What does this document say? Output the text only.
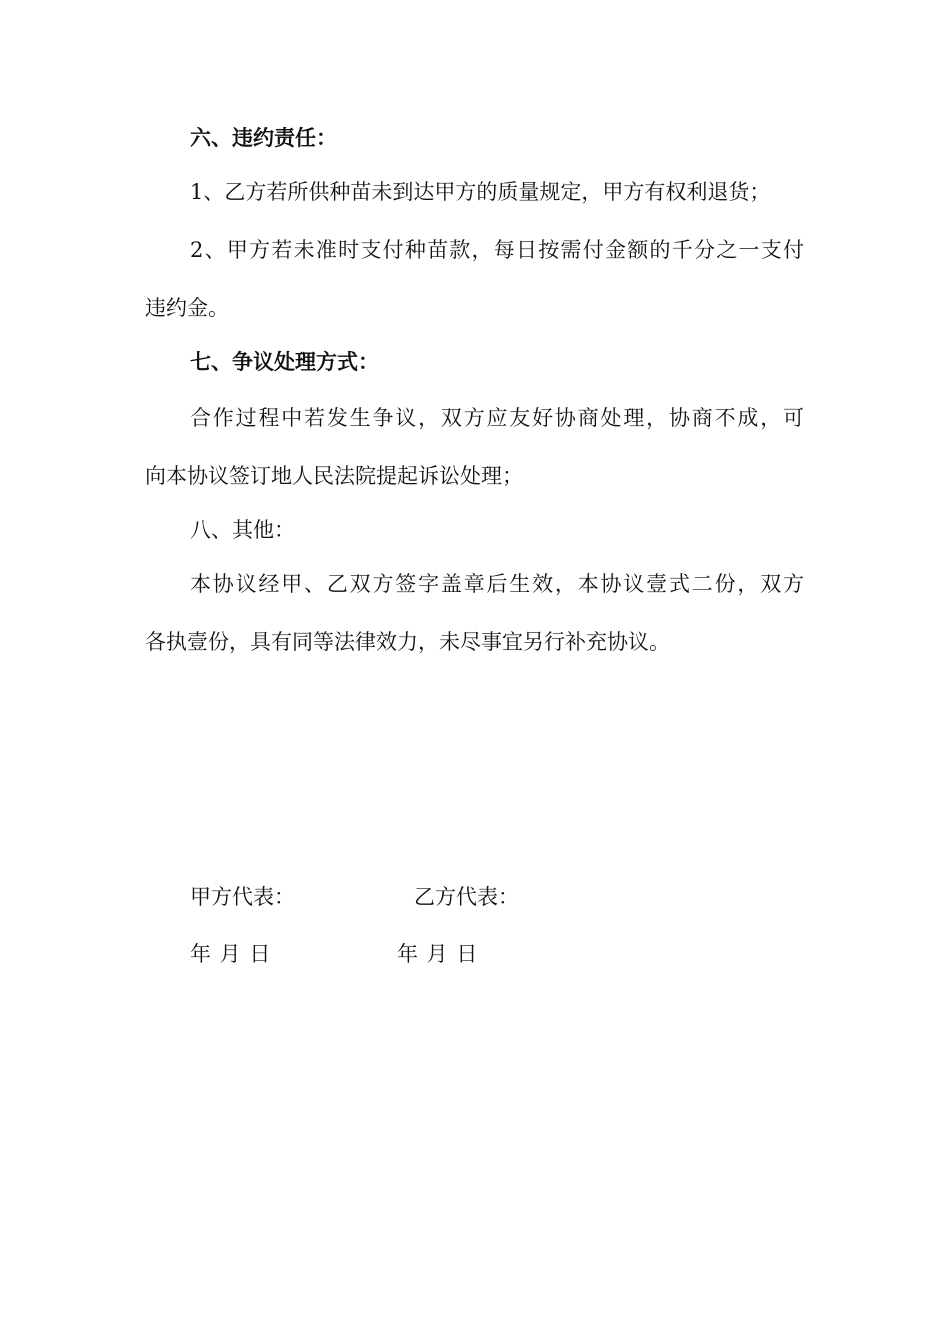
六、违约责任：
1、乙方若所供种苗未到达甲方的质量规定，甲方有权利退货；
2、甲方若未准时支付种苗款，每日按需付金额的千分之一支付
违约金。
七、争议处理方式：
合作过程中若发生争议，双方应友好协商处理，协商不成，可
向本协议签订地人民法院提起诉讼处理；
八、其他：
本协议经甲、乙双方签字盖章后生效，本协议壹式二份，双方
各执壹份，具有同等法律效力，未尽事宜另行补充协议。
甲方代表：	乙方代表：
年 月 日	年 月 日
